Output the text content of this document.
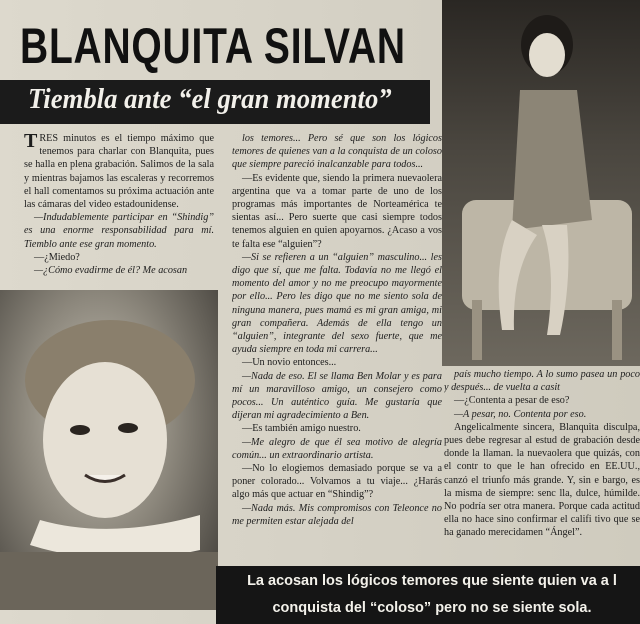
BLANQUITA SILVAN
Tiembla ante “el gran momento”

TRES minutos es el tiempo máximo que tenemos para charlar con Blanquita, pues se halla en plena grabación. Salimos de la sala y mientras bajamos las escaleras y recorremos el hall comentamos su próxima actuación ante las cámaras del video estadounidense.

—Indudablemente participar en “Shindig” es una enorme responsabilidad para mí. Tiemblo ante ese gran momento.

—¿Miedo?

—¿Cómo evadirme de él? Me acosan

los temores... Pero sé que son los lógicos temores de quienes van a la conquista de un coloso que siempre pareció inalcanzable para todos...

—Es evidente que, siendo la primera nuevaolera argentina que va a tomar parte de uno de los programas más importantes de Norteamérica te sientas así... Pero suerte que casi siempre todos tenemos alguien en quien apoyarnos. ¿Acaso a vos te falta ese “alguien”?

—Si se refieren a un “alguien” masculino... les digo que sí, que me falta. Todavía no me llegó el momento del amor y no me preocupo mayormente por ello... Pero les digo que no me siento sola de ninguna manera, pues mamá es mi gran amiga, mi gran compañera. Además de ella tengo un “alguien”, integrante del sexo fuerte, que me ayuda siempre en toda mi carrera...

—Un novio entonces...

—Nada de eso. El se llama Ben Molar y es para mí un maravilloso amigo, un consejero como pocos... Un auténtico guía. Me gustaría que dijeran mi agradecimiento a Ben.

—Es también amigo nuestro.

—Me alegro de que él sea motivo de alegría común... un extraordinario artista.

—No lo elogiemos demasiado porque se va a poner colorado... Volvamos a tu viaje... ¿Harás algo más que actuar en “Shindig”?

—Nada más. Mis compromisos con Teleonce no me permiten estar alejada del

país mucho tiempo. A lo sumo pasea un poco y después... de vuelta a casit

—¿Contenta a pesar de eso?

—A pesar, no. Contenta por eso.

Angelicalmente sincera, Blanquita disculpa, pues debe regresar al estud de grabación desde donde la llaman. la nuevaolera que quizás, con el contr to que le han ofrecido en EE.UU., canzó el triunfo más grande. Y, sin e bargo, es la misma de siempre: senc lla, dulce, húmilde. No podría ser otra manera. Porque cada actitud ella no hace sino confirmar el califi tivo que se ha ganado merecidamen “Ángel”.

La acosan los lógicos temores que siente quien va a l
conquista del “coloso” pero no se siente sola.
